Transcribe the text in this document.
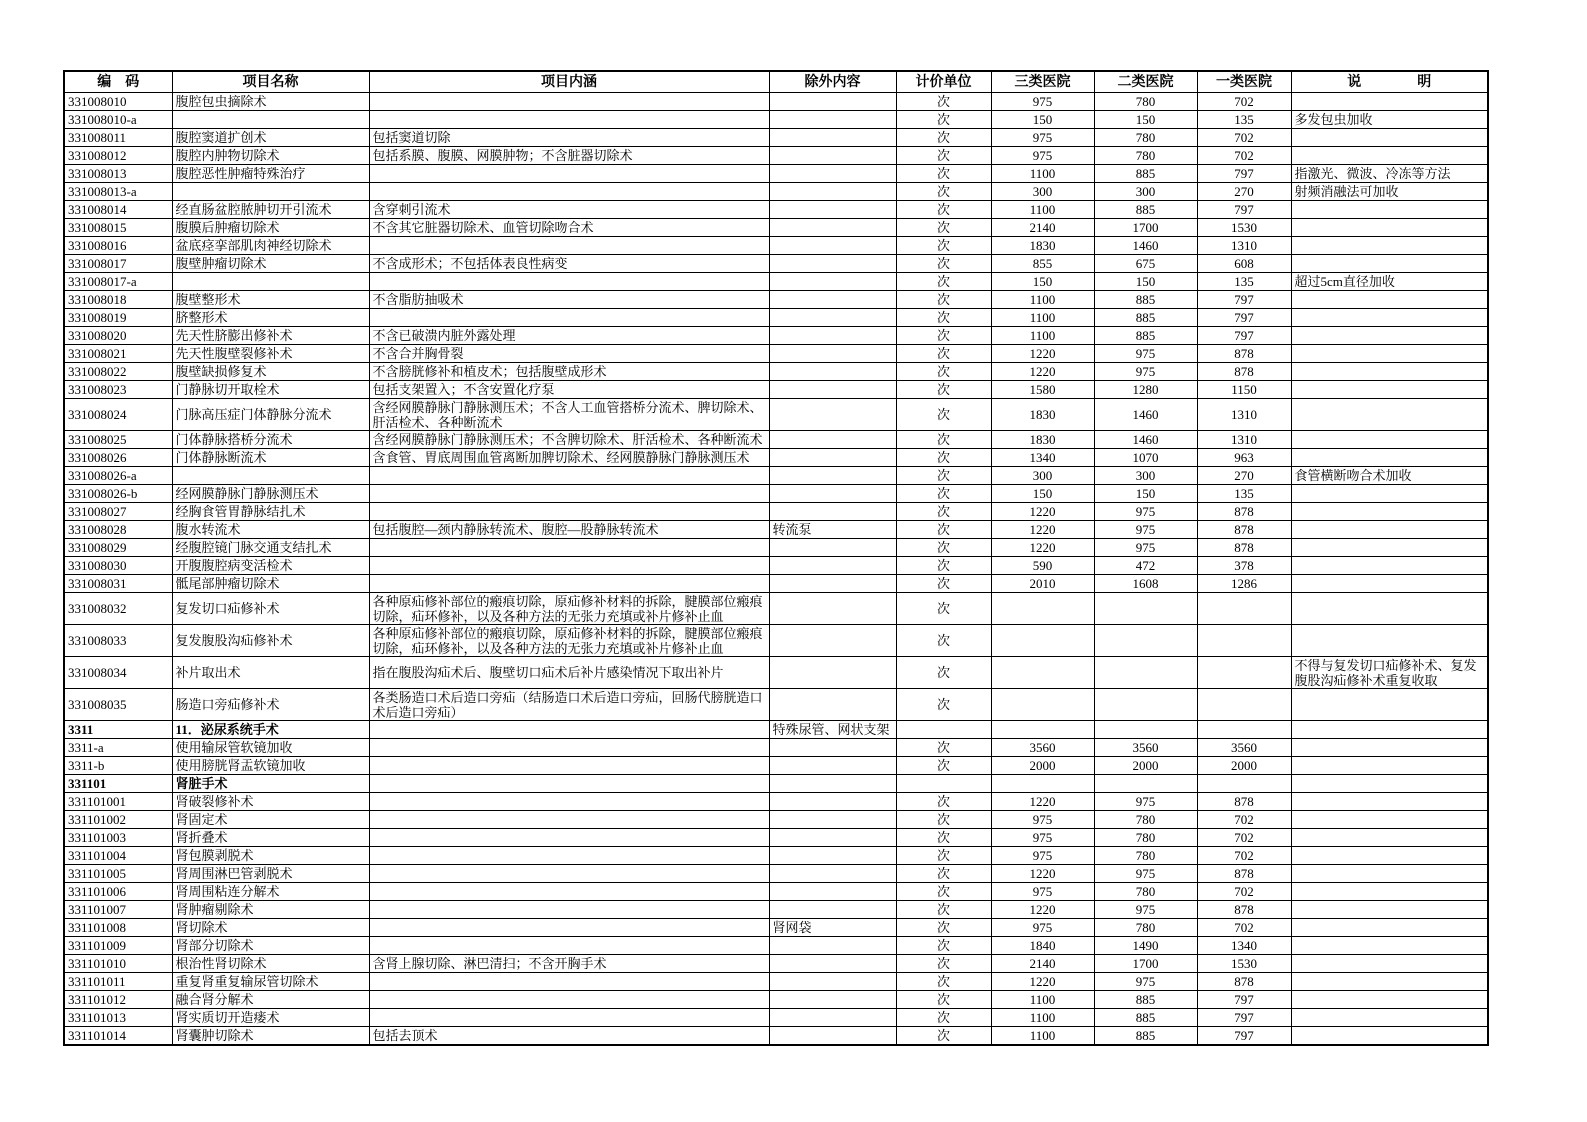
编　码	项目名称	项目内涵	除外内容	计价单位	三类医院	二类医院	一类医院	说　　　　明
331008010	腹腔包虫摘除术			次	975	780	702	
331008010-a				次	150	150	135	多发包虫加收
331008011	腹腔窦道扩创术	包括窦道切除		次	975	780	702	
331008012	腹腔内肿物切除术	包括系膜、腹膜、网膜肿物；不含脏器切除术		次	975	780	702	
331008013	腹腔恶性肿瘤特殊治疗			次	1100	885	797	指激光、微波、冷冻等方法
331008013-a				次	300	300	270	射频消融法可加收
331008014	经直肠盆腔脓肿切开引流术	含穿刺引流术		次	1100	885	797	
331008015	腹膜后肿瘤切除术	不含其它脏器切除术、血管切除吻合术		次	2140	1700	1530	
331008016	盆底痉挛部肌肉神经切除术			次	1830	1460	1310	
331008017	腹壁肿瘤切除术	不含成形术；不包括体表良性病变		次	855	675	608	
331008017-a				次	150	150	135	超过5cm直径加收
331008018	腹壁整形术	不含脂肪抽吸术		次	1100	885	797	
331008019	脐整形术			次	1100	885	797	
331008020	先天性脐膨出修补术	不含已破溃内脏外露处理		次	1100	885	797	
331008021	先天性腹壁裂修补术	不含合并胸骨裂		次	1220	975	878	
331008022	腹壁缺损修复术	不含膀胱修补和植皮术；包括腹壁成形术		次	1220	975	878	
331008023	门静脉切开取栓术	包括支架置入；不含安置化疗泵		次	1580	1280	1150	
331008024	门脉高压症门体静脉分流术	含经网膜静脉门静脉测压术；不含人工血管搭桥分流术、脾切除术、肝活检术、各种断流术		次	1830	1460	1310	
331008025	门体静脉搭桥分流术	含经网膜静脉门静脉测压术；不含脾切除术、肝活检术、各种断流术		次	1830	1460	1310	
331008026	门体静脉断流术	含食管、胃底周围血管离断加脾切除术、经网膜静脉门静脉测压术		次	1340	1070	963	
331008026-a				次	300	300	270	食管横断吻合术加收
331008026-b	经网膜静脉门静脉测压术			次	150	150	135	
331008027	经胸食管胃静脉结扎术			次	1220	975	878	
331008028	腹水转流术	包括腹腔—颈内静脉转流术、腹腔—股静脉转流术	转流泵	次	1220	975	878	
331008029	经腹腔镜门脉交通支结扎术			次	1220	975	878	
331008030	开腹腹腔病变活检术			次	590	472	378	
331008031	骶尾部肿瘤切除术			次	2010	1608	1286	
331008032	复发切口疝修补术	各种原疝修补部位的瘢痕切除，原疝修补材料的拆除，腱膜部位瘢痕切除，疝环修补，以及各种方法的无张力充填或补片修补止血		次				
331008033	复发腹股沟疝修补术	各种原疝修补部位的瘢痕切除，原疝修补材料的拆除，腱膜部位瘢痕切除，疝环修补，以及各种方法的无张力充填或补片修补止血		次				
331008034	补片取出术	指在腹股沟疝术后、腹壁切口疝术后补片感染情况下取出补片		次				不得与复发切口疝修补术、复发腹股沟疝修补术重复收取
331008035	肠造口旁疝修补术	各类肠造口术后造口旁疝（结肠造口术后造口旁疝，回肠代膀胱造口术后造口旁疝）		次				
3311	11．泌尿系统手术		特殊尿管、网状支架					
3311-a	使用输尿管软镜加收			次	3560	3560	3560	
3311-b	使用膀胱肾盂软镜加收			次	2000	2000	2000	
331101	肾脏手术							
331101001	肾破裂修补术			次	1220	975	878	
331101002	肾固定术			次	975	780	702	
331101003	肾折叠术			次	975	780	702	
331101004	肾包膜剥脱术			次	975	780	702	
331101005	肾周围淋巴管剥脱术			次	1220	975	878	
331101006	肾周围粘连分解术			次	975	780	702	
331101007	肾肿瘤剔除术			次	1220	975	878	
331101008	肾切除术		肾网袋	次	975	780	702	
331101009	肾部分切除术			次	1840	1490	1340	
331101010	根治性肾切除术	含肾上腺切除、淋巴清扫；不含开胸手术		次	2140	1700	1530	
331101011	重复肾重复输尿管切除术			次	1220	975	878	
331101012	融合肾分解术			次	1100	885	797	
331101013	肾实质切开造瘘术			次	1100	885	797	
331101014	肾囊肿切除术	包括去顶术		次	1100	885	797	
